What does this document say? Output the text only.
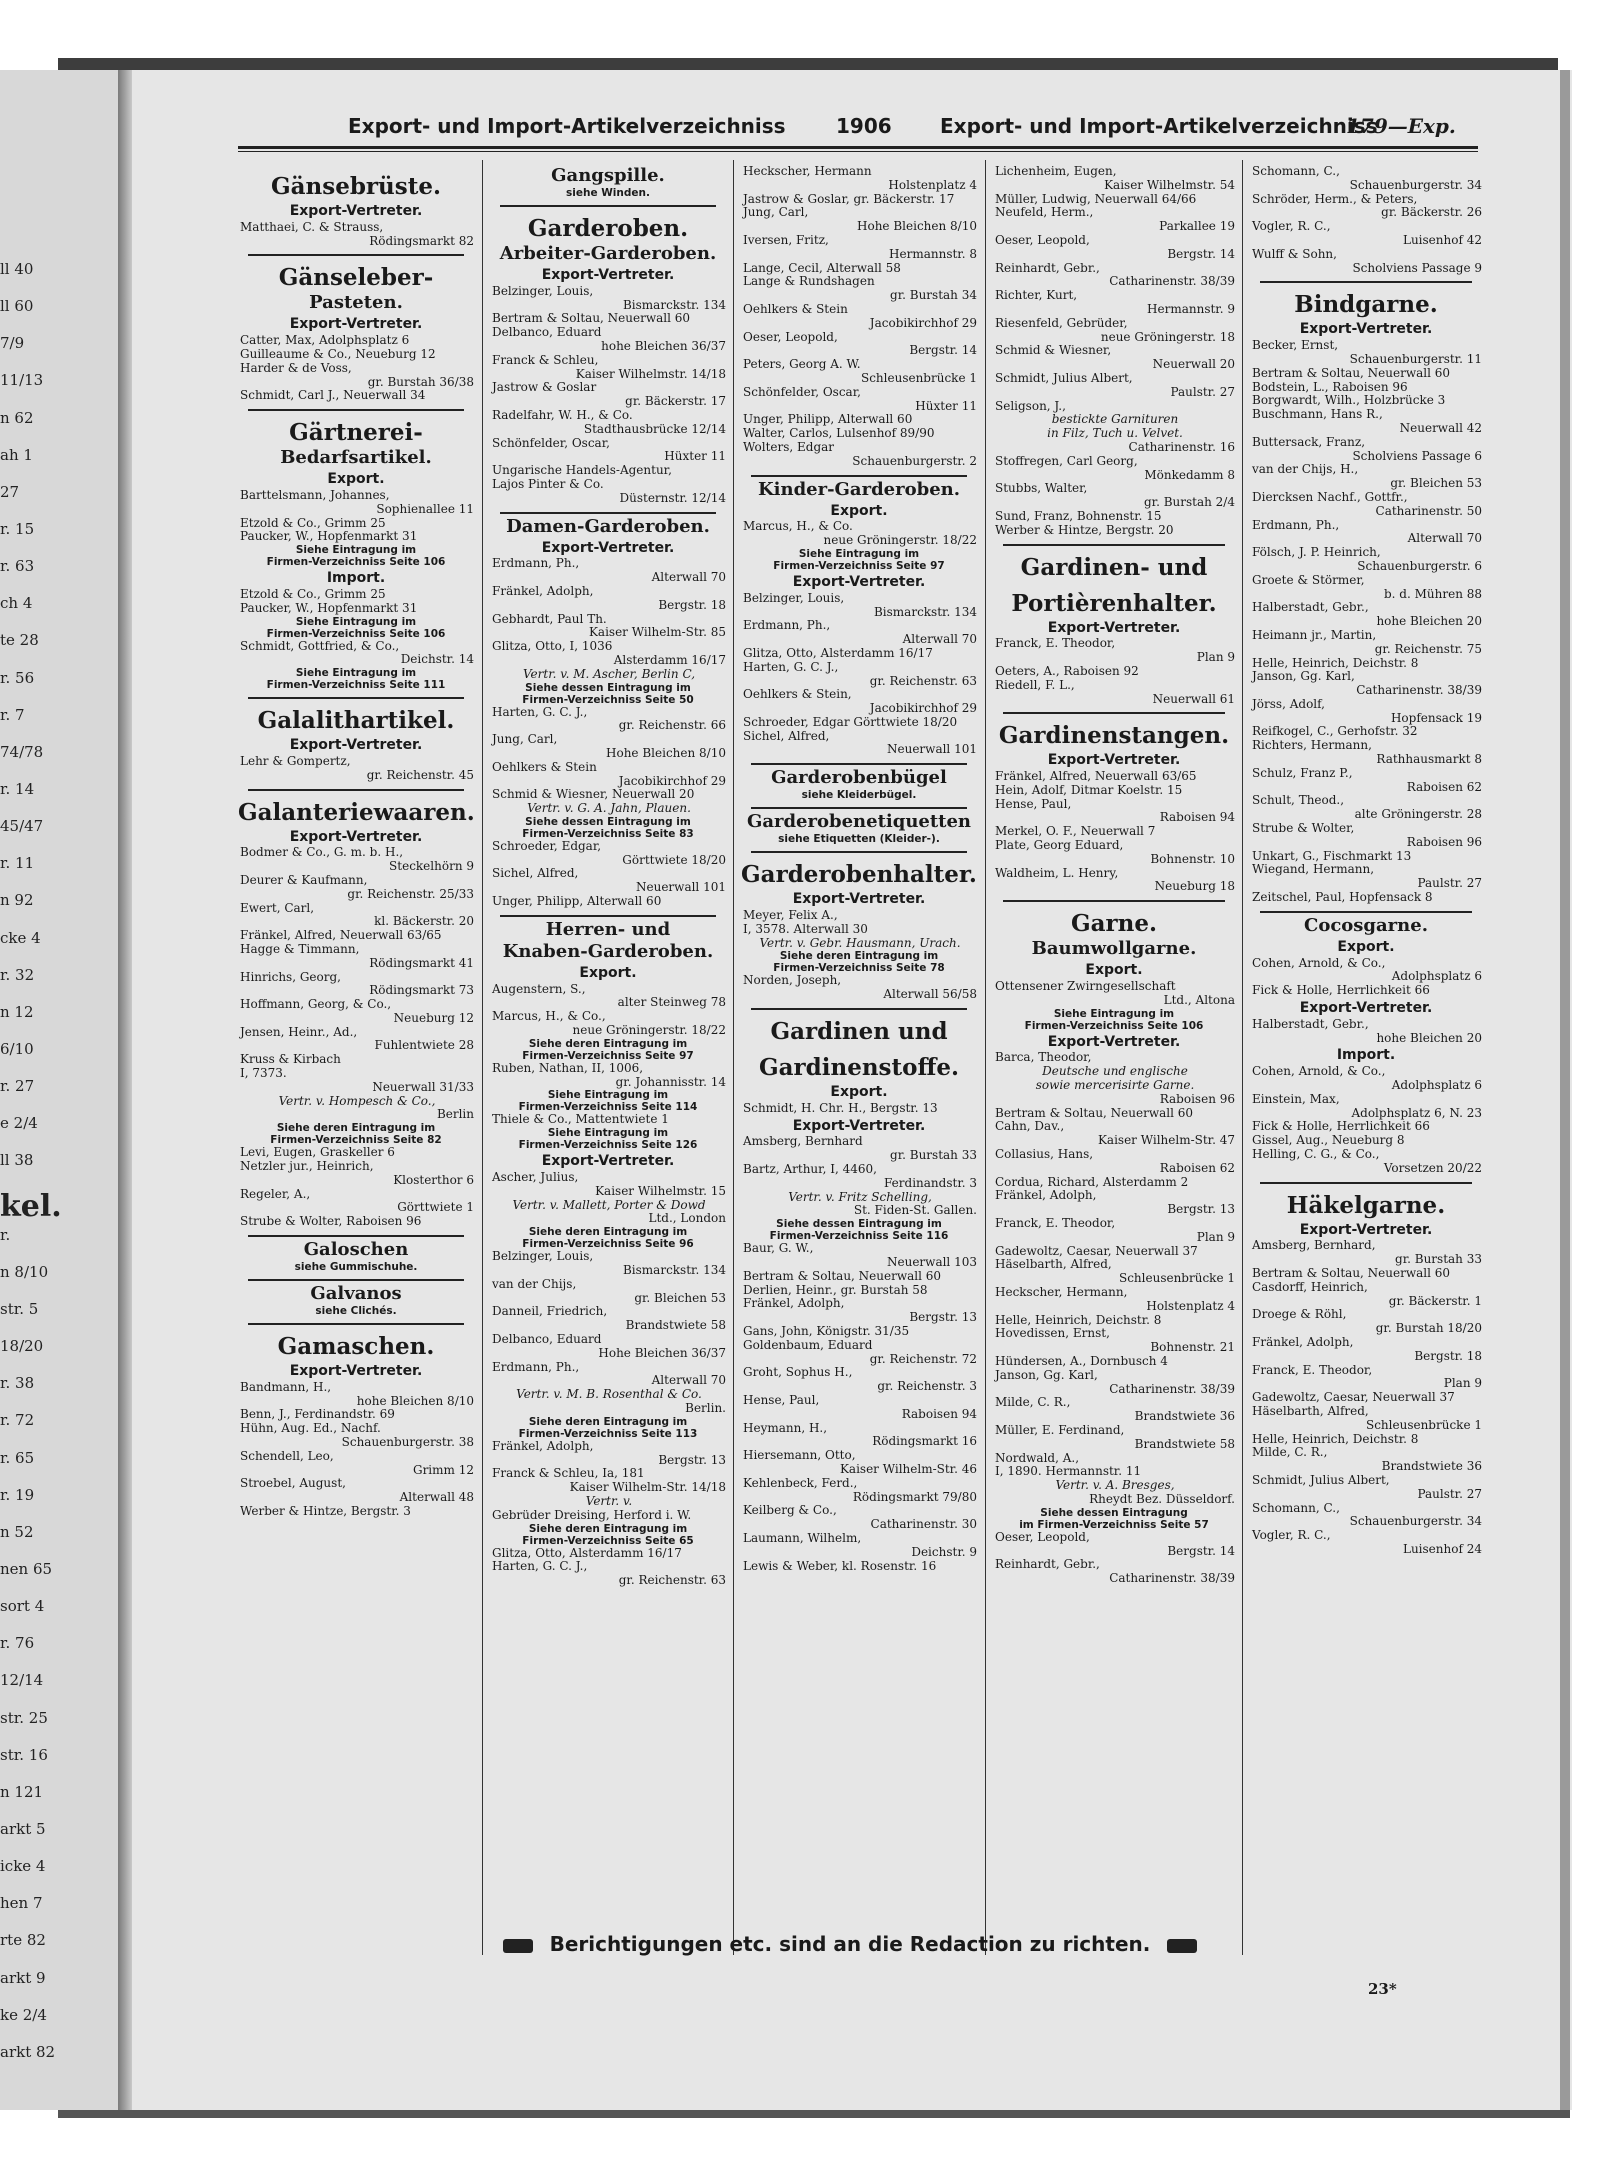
ll 40
ll 60
7/9
11/13
n 62
ah 1
27
r. 15
r. 63
ch 4
te 28
r. 56
r. 7
74/78
r. 14
45/47
r. 11
n 92
cke 4
r. 32
n 12
6/10
r. 27
e 2/4
ll 38
kel.
r.
n 8/10
str. 5
18/20
r. 38
r. 72
r. 65
r. 19
n 52
nen 65
sort 4
r. 76
12/14
str. 25
str. 16
n 121
arkt 5
icke 4
hen 7
rte 82
arkt 9
ke 2/4
arkt 82
Export- und Import-Artikelverzeichniss	1906 Export- und Import-Artikelverzeichniss
179—Exp.
Gänsebrüste.
Export-Vertreter.
Matthaei, C. & Strauss,
Rödingsmarkt 82
Gänseleber-
Pasteten.
Export-Vertreter.
Catter, Max, Adolphsplatz 6
Guilleaume & Co., Neueburg 12
Harder & de Voss,
gr. Burstah 36/38
Schmidt, Carl J., Neuerwall 34
Gärtnerei-
Bedarfsartikel.
Export.
Barttelsmann, Johannes,
Sophienallee 11
Etzold & Co., Grimm 25
Paucker, W., Hopfenmarkt 31
Siehe Eintragung im
Firmen-Verzeichniss Seite 106
Import.
Etzold & Co., Grimm 25
Paucker, W., Hopfenmarkt 31
Siehe Eintragung im
Firmen-Verzeichniss Seite 106
Schmidt, Gottfried, & Co.,
Deichstr. 14
Siehe Eintragung im
Firmen-Verzeichniss Seite 111
Galalithartikel.
Export-Vertreter.
Lehr & Gompertz,
gr. Reichenstr. 45
Galanteriewaaren.
Export-Vertreter.
Bodmer & Co., G. m. b. H.,
Steckelhörn 9
Deurer & Kaufmann,
gr. Reichenstr. 25/33
Ewert, Carl,
kl. Bäckerstr. 20
Fränkel, Alfred, Neuerwall 63/65
Hagge & Timmann,
Rödingsmarkt 41
Hinrichs, Georg,
Rödingsmarkt 73
Hoffmann, Georg, & Co.,
Neueburg 12
Jensen, Heinr., Ad.,
Fuhlentwiete 28
Kruss & Kirbach
I, 7373.
Neuerwall 31/33
Vertr. v. Hompesch & Co.,
Berlin
Siehe deren Eintragung im
Firmen-Verzeichniss Seite 82
Levi, Eugen, Graskeller 6
Netzler jur., Heinrich,
Klosterthor 6
Regeler, A.,
Görttwiete 1
Strube & Wolter, Raboisen 96
Galoschen
siehe Gummischuhe.
Galvanos
siehe Clichés.
Gamaschen.
Export-Vertreter.
Bandmann, H.,
hohe Bleichen 8/10
Benn, J., Ferdinandstr. 69
Hühn, Aug. Ed., Nachf.
Schauenburgerstr. 38
Schendell, Leo,
Grimm 12
Stroebel, August,
Alterwall 48
Werber & Hintze, Bergstr. 3
Gangspille.
siehe Winden.
Garderoben.
Arbeiter-Garderoben.
Export-Vertreter.
Belzinger, Louis,
Bismarckstr. 134
Bertram & Soltau, Neuerwall 60
Delbanco, Eduard
hohe Bleichen 36/37
Franck & Schleu,
Kaiser Wilhelmstr. 14/18
Jastrow & Goslar
gr. Bäckerstr. 17
Radelfahr, W. H., & Co.
Stadthausbrücke 12/14
Schönfelder, Oscar,
Hüxter 11
Ungarische Handels-Agentur,
Lajos Pinter & Co.
Düsternstr. 12/14
Damen-Garderoben.
Export-Vertreter.
Erdmann, Ph.,
Alterwall 70
Fränkel, Adolph,
Bergstr. 18
Gebhardt, Paul Th.
Kaiser Wilhelm-Str. 85
Glitza, Otto, I, 1036
Alsterdamm 16/17
Vertr. v. M. Ascher, Berlin C,
Siehe dessen Eintragung im
Firmen-Verzeichniss Seite 50
Harten, G. C. J.,
gr. Reichenstr. 66
Jung, Carl,
Hohe Bleichen 8/10
Oehlkers & Stein
Jacobikirchhof 29
Schmid & Wiesner, Neuerwall 20
Vertr. v. G. A. Jahn, Plauen.
Siehe dessen Eintragung im
Firmen-Verzeichniss Seite 83
Schroeder, Edgar,
Görttwiete 18/20
Sichel, Alfred,
Neuerwall 101
Unger, Philipp, Alterwall 60
Herren- und
Knaben-Garderoben.
Export.
Augenstern, S.,
alter Steinweg 78
Marcus, H., & Co.,
neue Gröningerstr. 18/22
Siehe deren Eintragung im
Firmen-Verzeichniss Seite 97
Ruben, Nathan, II, 1006,
gr. Johannisstr. 14
Siehe Eintragung im
Firmen-Verzeichniss Seite 114
Thiele & Co., Mattentwiete 1
Siehe Eintragung im
Firmen-Verzeichniss Seite 126
Export-Vertreter.
Ascher, Julius,
Kaiser Wilhelmstr. 15
Vertr. v. Mallett, Porter & Dowd
Ltd., London
Siehe deren Eintragung im
Firmen-Verzeichniss Seite 96
Belzinger, Louis,
Bismarckstr. 134
van der Chijs,
gr. Bleichen 53
Danneil, Friedrich,
Brandstwiete 58
Delbanco, Eduard
Hohe Bleichen 36/37
Erdmann, Ph.,
Alterwall 70
Vertr. v. M. B. Rosenthal & Co.
Berlin.
Siehe deren Eintragung im
Firmen-Verzeichniss Seite 113
Fränkel, Adolph,
Bergstr. 13
Franck & Schleu, Ia, 181
Kaiser Wilhelm-Str. 14/18
Vertr. v.
Gebrüder Dreising, Herford i. W.
Siehe deren Eintragung im
Firmen-Verzeichniss Seite 65
Glitza, Otto, Alsterdamm 16/17
Harten, G. C. J.,
gr. Reichenstr. 63
Heckscher, Hermann
Holstenplatz 4
Jastrow & Goslar, gr. Bäckerstr. 17
Jung, Carl,
Hohe Bleichen 8/10
Iversen, Fritz,
Hermannstr. 8
Lange, Cecil, Alterwall 58
Lange & Rundshagen
gr. Burstah 34
Oehlkers & Stein
Jacobikirchhof 29
Oeser, Leopold,
Bergstr. 14
Peters, Georg A. W.
Schleusenbrücke 1
Schönfelder, Oscar,
Hüxter 11
Unger, Philipp, Alterwall 60
Walter, Carlos, Lulsenhof 89/90
Wolters, Edgar
Schauenburgerstr. 2
Kinder-Garderoben.
Export.
Marcus, H., & Co.
neue Gröningerstr. 18/22
Siehe Eintragung im
Firmen-Verzeichniss Seite 97
Export-Vertreter.
Belzinger, Louis,
Bismarckstr. 134
Erdmann, Ph.,
Alterwall 70
Glitza, Otto, Alsterdamm 16/17
Harten, G. C. J.,
gr. Reichenstr. 63
Oehlkers & Stein,
Jacobikirchhof 29
Schroeder, Edgar Görttwiete 18/20
Sichel, Alfred,
Neuerwall 101
Garderobenbügel
siehe Kleiderbügel.
Garderobenetiquetten
siehe Etiquetten (Kleider-).
Garderobenhalter.
Export-Vertreter.
Meyer, Felix A.,
I, 3578. Alterwall 30
Vertr. v. Gebr. Hausmann, Urach.
Siehe deren Eintragung im
Firmen-Verzeichniss Seite 78
Norden, Joseph,
Alterwall 56/58
Gardinen und
Gardinenstoffe.
Export.
Schmidt, H. Chr. H., Bergstr. 13
Export-Vertreter.
Amsberg, Bernhard
gr. Burstah 33
Bartz, Arthur, I, 4460,
Ferdinandstr. 3
Vertr. v. Fritz Schelling,
St. Fiden-St. Gallen.
Siehe dessen Eintragung im
Firmen-Verzeichniss Seite 116
Baur, G. W.,
Neuerwall 103
Bertram & Soltau, Neuerwall 60
Derlien, Heinr., gr. Burstah 58
Fränkel, Adolph,
Bergstr. 13
Gans, John, Königstr. 31/35
Goldenbaum, Eduard
gr. Reichenstr. 72
Groht, Sophus H.,
gr. Reichenstr. 3
Hense, Paul,
Raboisen 94
Heymann, H.,
Rödingsmarkt 16
Hiersemann, Otto,
Kaiser Wilhelm-Str. 46
Kehlenbeck, Ferd.,
Rödingsmarkt 79/80
Keilberg & Co.,
Catharinenstr. 30
Laumann, Wilhelm,
Deichstr. 9
Lewis & Weber, kl. Rosenstr. 16
Lichenheim, Eugen,
Kaiser Wilhelmstr. 54
Müller, Ludwig, Neuerwall 64/66
Neufeld, Herm.,
Parkallee 19
Oeser, Leopold,
Bergstr. 14
Reinhardt, Gebr.,
Catharinenstr. 38/39
Richter, Kurt,
Hermannstr. 9
Riesenfeld, Gebrüder,
neue Gröningerstr. 18
Schmid & Wiesner,
Neuerwall 20
Schmidt, Julius Albert,
Paulstr. 27
Seligson, J.,
bestickte Garnituren
in Filz, Tuch u. Velvet.
Catharinenstr. 16
Stoffregen, Carl Georg,
Mönkedamm 8
Stubbs, Walter,
gr. Burstah 2/4
Sund, Franz, Bohnenstr. 15
Werber & Hintze, Bergstr. 20
Gardinen- und
Portièrenhalter.
Export-Vertreter.
Franck, E. Theodor,
Plan 9
Oeters, A., Raboisen 92
Riedell, F. L.,
Neuerwall 61
Gardinenstangen.
Export-Vertreter.
Fränkel, Alfred, Neuerwall 63/65
Hein, Adolf, Ditmar Koelstr. 15
Hense, Paul,
Raboisen 94
Merkel, O. F., Neuerwall 7
Plate, Georg Eduard,
Bohnenstr. 10
Waldheim, L. Henry,
Neueburg 18
Garne.
Baumwollgarne.
Export.
Ottensener Zwirngesellschaft
Ltd., Altona
Siehe Eintragung im
Firmen-Verzeichniss Seite 106
Export-Vertreter.
Barca, Theodor,
Deutsche und englische
sowie mercerisirte Garne.
Raboisen 96
Bertram & Soltau, Neuerwall 60
Cahn, Dav.,
Kaiser Wilhelm-Str. 47
Collasius, Hans,
Raboisen 62
Cordua, Richard, Alsterdamm 2
Fränkel, Adolph,
Bergstr. 13
Franck, E. Theodor,
Plan 9
Gadewoltz, Caesar, Neuerwall 37
Häselbarth, Alfred,
Schleusenbrücke 1
Heckscher, Hermann,
Holstenplatz 4
Helle, Heinrich, Deichstr. 8
Hovedissen, Ernst,
Bohnenstr. 21
Hündersen, A., Dornbusch 4
Janson, Gg. Karl,
Catharinenstr. 38/39
Milde, C. R.,
Brandstwiete 36
Müller, E. Ferdinand,
Brandstwiete 58
Nordwald, A.,
I, 1890. Hermannstr. 11
Vertr. v. A. Bresges,
Rheydt Bez. Düsseldorf.
Siehe dessen Eintragung
im Firmen-Verzeichniss Seite 57
Oeser, Leopold,
Bergstr. 14
Reinhardt, Gebr.,
Catharinenstr. 38/39
Schomann, C.,
Schauenburgerstr. 34
Schröder, Herm., & Peters,
gr. Bäckerstr. 26
Vogler, R. C.,
Luisenhof 42
Wulff & Sohn,
Scholviens Passage 9
Bindgarne.
Export-Vertreter.
Becker, Ernst,
Schauenburgerstr. 11
Bertram & Soltau, Neuerwall 60
Bodstein, L., Raboisen 96
Borgwardt, Wilh., Holzbrücke 3
Buschmann, Hans R.,
Neuerwall 42
Buttersack, Franz,
Scholviens Passage 6
van der Chijs, H.,
gr. Bleichen 53
Diercksen Nachf., Gottfr.,
Catharinenstr. 50
Erdmann, Ph.,
Alterwall 70
Fölsch, J. P. Heinrich,
Schauenburgerstr. 6
Groete & Störmer,
b. d. Mühren 88
Halberstadt, Gebr.,
hohe Bleichen 20
Heimann jr., Martin,
gr. Reichenstr. 75
Helle, Heinrich, Deichstr. 8
Janson, Gg. Karl,
Catharinenstr. 38/39
Jörss, Adolf,
Hopfensack 19
Reifkogel, C., Gerhofstr. 32
Richters, Hermann,
Rathhausmarkt 8
Schulz, Franz P.,
Raboisen 62
Schult, Theod.,
alte Gröningerstr. 28
Strube & Wolter,
Raboisen 96
Unkart, G., Fischmarkt 13
Wiegand, Hermann,
Paulstr. 27
Zeitschel, Paul, Hopfensack 8
Cocosgarne.
Export.
Cohen, Arnold, & Co.,
Adolphsplatz 6
Fick & Holle, Herrlichkeit 66
Export-Vertreter.
Halberstadt, Gebr.,
hohe Bleichen 20
Import.
Cohen, Arnold, & Co.,
Adolphsplatz 6
Einstein, Max,
Adolphsplatz 6, N. 23
Fick & Holle, Herrlichkeit 66
Gissel, Aug., Neueburg 8
Helling, C. G., & Co.,
Vorsetzen 20/22
Häkelgarne.
Export-Vertreter.
Amsberg, Bernhard,
gr. Burstah 33
Bertram & Soltau, Neuerwall 60
Casdorff, Heinrich,
gr. Bäckerstr. 1
Droege & Röhl,
gr. Burstah 18/20
Fränkel, Adolph,
Bergstr. 18
Franck, E. Theodor,
Plan 9
Gadewoltz, Caesar, Neuerwall 37
Häselbarth, Alfred,
Schleusenbrücke 1
Helle, Heinrich, Deichstr. 8
Milde, C. R.,
Brandstwiete 36
Schmidt, Julius Albert,
Paulstr. 27
Schomann, C.,
Schauenburgerstr. 34
Vogler, R. C.,
Luisenhof 24
Berichtigungen etc. sind an die Redaction zu richten.
23*
